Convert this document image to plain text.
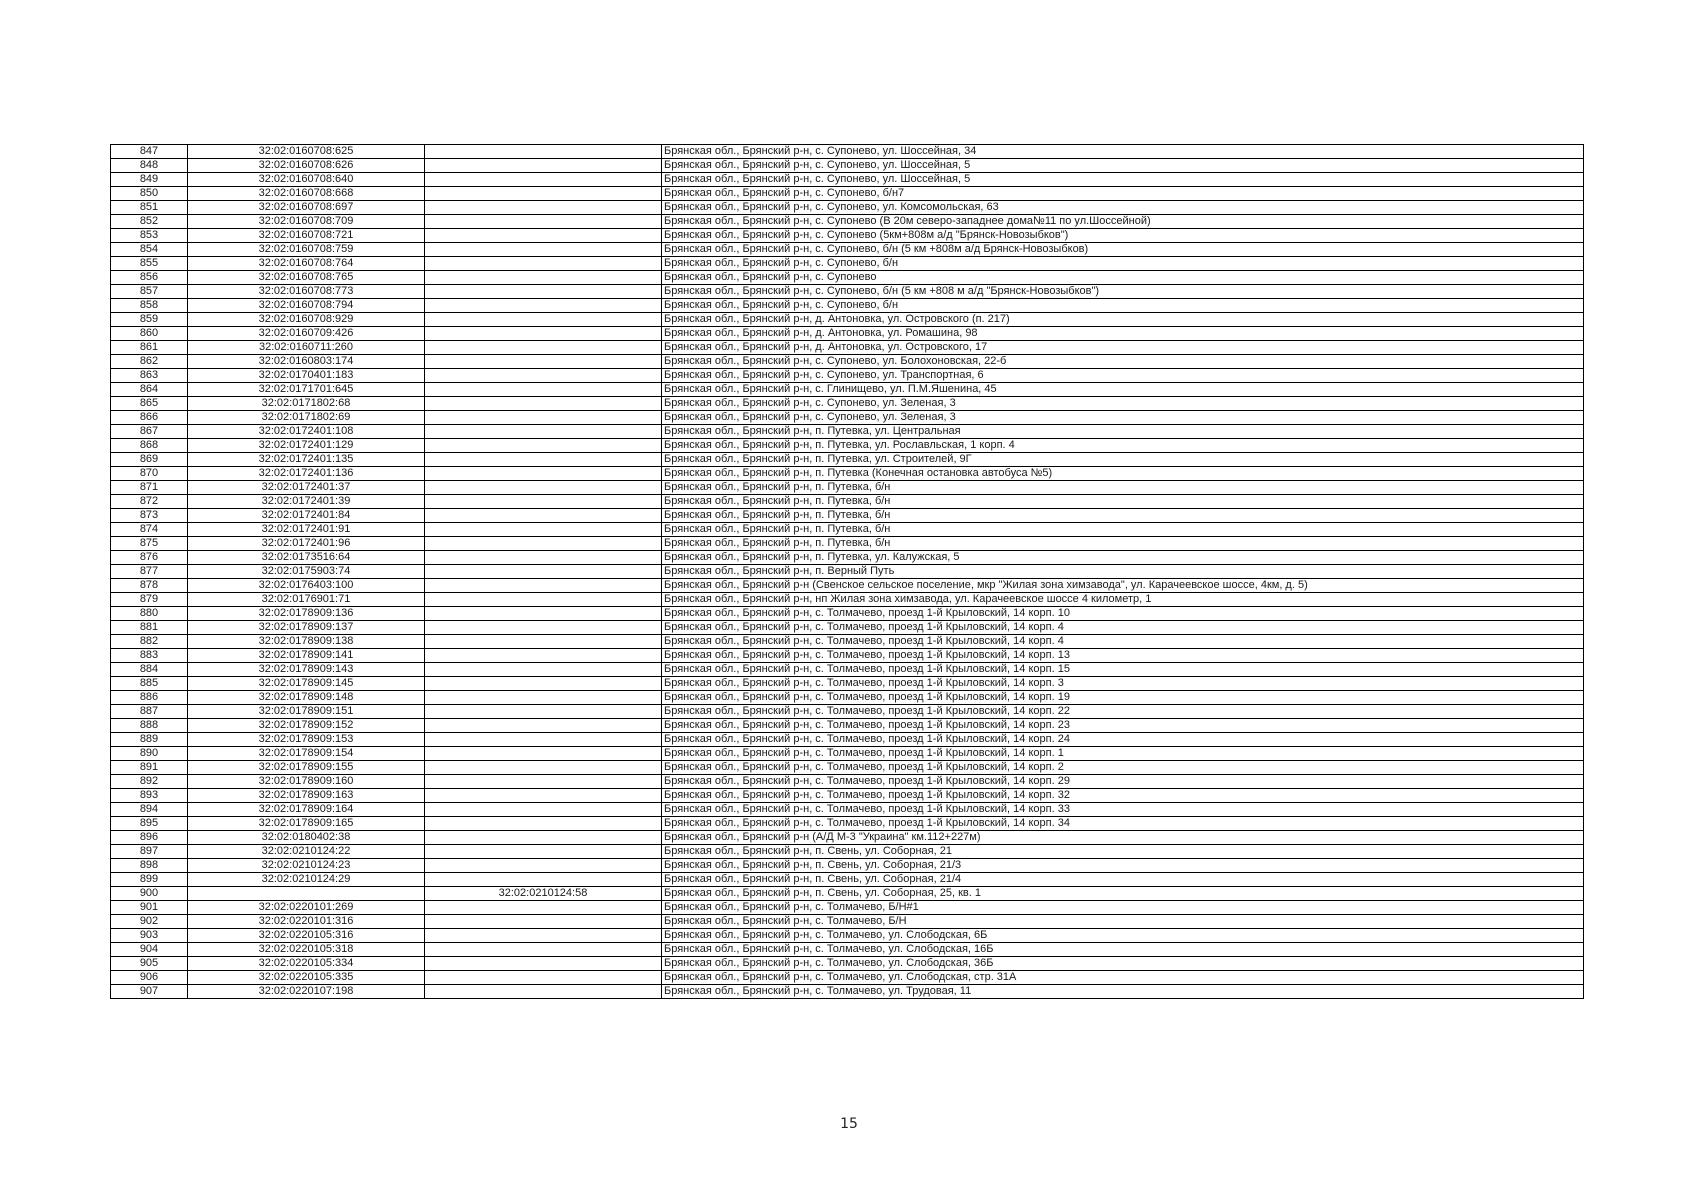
847	32:02:0160708:625		Брянская обл., Брянский р-н, с. Супонево, ул. Шоссейная, 34
848	32:02:0160708:626		Брянская обл., Брянский р-н, с. Супонево, ул. Шоссейная, 5
849	32:02:0160708:640		Брянская обл., Брянский р-н, с. Супонево, ул. Шоссейная, 5
850	32:02:0160708:668		Брянская обл., Брянский р-н, с. Супонево, б/н7
851	32:02:0160708:697		Брянская обл., Брянский р-н, с. Супонево, ул. Комсомольская, 63
852	32:02:0160708:709		Брянская обл., Брянский р-н, с. Супонево (В 20м северо-западнее дома№11 по ул.Шоссейной)
853	32:02:0160708:721		Брянская обл., Брянский р-н, с. Супонево (5км+808м а/д "Брянск-Новозыбков")
854	32:02:0160708:759		Брянская обл., Брянский р-н, с. Супонево, б/н (5 км +808м а/д Брянск-Новозыбков)
855	32:02:0160708:764		Брянская обл., Брянский р-н, с. Супонево, б/н
856	32:02:0160708:765		Брянская обл., Брянский р-н, с. Супонево
857	32:02:0160708:773		Брянская обл., Брянский р-н, с. Супонево, б/н (5 км +808 м а/д "Брянск-Новозыбков")
858	32:02:0160708:794		Брянская обл., Брянский р-н, с. Супонево, б/н
859	32:02:0160708:929		Брянская обл., Брянский р-н, д. Антоновка, ул. Островского (п. 217)
860	32:02:0160709:426		Брянская обл., Брянский р-н, д. Антоновка, ул. Ромашина, 98
861	32:02:0160711:260		Брянская обл., Брянский р-н, д. Антоновка, ул. Островского, 17
862	32:02:0160803:174		Брянская обл., Брянский р-н, с. Супонево, ул. Болохоновская, 22-б
863	32:02:0170401:183		Брянская обл., Брянский р-н, с. Супонево, ул. Транспортная, 6
864	32:02:0171701:645		Брянская обл., Брянский р-н, с. Глинищево, ул. П.М.Яшенина, 45
865	32:02:0171802:68		Брянская обл., Брянский р-н, с. Супонево, ул. Зеленая, 3
866	32:02:0171802:69		Брянская обл., Брянский р-н, с. Супонево, ул. Зеленая, 3
867	32:02:0172401:108		Брянская обл., Брянский р-н, п. Путевка, ул. Центральная
868	32:02:0172401:129		Брянская обл., Брянский р-н, п. Путевка, ул. Рославльская, 1 корп. 4
869	32:02:0172401:135		Брянская обл., Брянский р-н, п. Путевка, ул. Строителей, 9Г
870	32:02:0172401:136		Брянская обл., Брянский р-н, п. Путевка (Конечная остановка автобуса №5)
871	32:02:0172401:37		Брянская обл., Брянский р-н, п. Путевка, б/н
872	32:02:0172401:39		Брянская обл., Брянский р-н, п. Путевка, б/н
873	32:02:0172401:84		Брянская обл., Брянский р-н, п. Путевка, б/н
874	32:02:0172401:91		Брянская обл., Брянский р-н, п. Путевка, б/н
875	32:02:0172401:96		Брянская обл., Брянский р-н, п. Путевка, б/н
876	32:02:0173516:64		Брянская обл., Брянский р-н, п. Путевка, ул. Калужская, 5
877	32:02:0175903:74		Брянская обл., Брянский р-н, п. Верный Путь
878	32:02:0176403:100		Брянская обл., Брянский р-н (Свенское сельское поселение, мкр "Жилая зона химзавода", ул. Карачеевское шоссе, 4км, д. 5)
879	32:02:0176901:71		Брянская обл., Брянский р-н, нп Жилая зона химзавода, ул. Карачеевское шоссе 4 километр, 1
880	32:02:0178909:136		Брянская обл., Брянский р-н, с. Толмачево, проезд 1-й Крыловский, 14 корп. 10
881	32:02:0178909:137		Брянская обл., Брянский р-н, с. Толмачево, проезд 1-й Крыловский, 14 корп. 4
882	32:02:0178909:138		Брянская обл., Брянский р-н, с. Толмачево, проезд 1-й Крыловский, 14 корп. 4
883	32:02:0178909:141		Брянская обл., Брянский р-н, с. Толмачево, проезд 1-й Крыловский, 14 корп. 13
884	32:02:0178909:143		Брянская обл., Брянский р-н, с. Толмачево, проезд 1-й Крыловский, 14 корп. 15
885	32:02:0178909:145		Брянская обл., Брянский р-н, с. Толмачево, проезд 1-й Крыловский, 14 корп. 3
886	32:02:0178909:148		Брянская обл., Брянский р-н, с. Толмачево, проезд 1-й Крыловский, 14 корп. 19
887	32:02:0178909:151		Брянская обл., Брянский р-н, с. Толмачево, проезд 1-й Крыловский, 14 корп. 22
888	32:02:0178909:152		Брянская обл., Брянский р-н, с. Толмачево, проезд 1-й Крыловский, 14 корп. 23
889	32:02:0178909:153		Брянская обл., Брянский р-н, с. Толмачево, проезд 1-й Крыловский, 14 корп. 24
890	32:02:0178909:154		Брянская обл., Брянский р-н, с. Толмачево, проезд 1-й Крыловский, 14 корп. 1
891	32:02:0178909:155		Брянская обл., Брянский р-н, с. Толмачево, проезд 1-й Крыловский, 14 корп. 2
892	32:02:0178909:160		Брянская обл., Брянский р-н, с. Толмачево, проезд 1-й Крыловский, 14 корп. 29
893	32:02:0178909:163		Брянская обл., Брянский р-н, с. Толмачево, проезд 1-й Крыловский, 14 корп. 32
894	32:02:0178909:164		Брянская обл., Брянский р-н, с. Толмачево, проезд 1-й Крыловский, 14 корп. 33
895	32:02:0178909:165		Брянская обл., Брянский р-н, с. Толмачево, проезд 1-й Крыловский, 14 корп. 34
896	32:02:0180402:38		Брянская обл., Брянский р-н (А/Д М-3 "Украина" км.112+227м)
897	32:02:0210124:22		Брянская обл., Брянский р-н, п. Свень, ул. Соборная, 21
898	32:02:0210124:23		Брянская обл., Брянский р-н, п. Свень, ул. Соборная, 21/3
899	32:02:0210124:29		Брянская обл., Брянский р-н, п. Свень, ул. Соборная, 21/4
900		32:02:0210124:58	Брянская обл., Брянский р-н, п. Свень, ул. Соборная, 25, кв. 1
901	32:02:0220101:269		Брянская обл., Брянский р-н, с. Толмачево, Б/Н#1
902	32:02:0220101:316		Брянская обл., Брянский р-н, с. Толмачево, Б/Н
903	32:02:0220105:316		Брянская обл., Брянский р-н, с. Толмачево, ул. Слободская, 6Б
904	32:02:0220105:318		Брянская обл., Брянский р-н, с. Толмачево, ул. Слободская, 16Б
905	32:02:0220105:334		Брянская обл., Брянский р-н, с. Толмачево, ул. Слободская, 36Б
906	32:02:0220105:335		Брянская обл., Брянский р-н, с. Толмачево, ул. Слободская, стр. 31А
907	32:02:0220107:198		Брянская обл., Брянский р-н, с. Толмачево, ул. Трудовая, 11
15
